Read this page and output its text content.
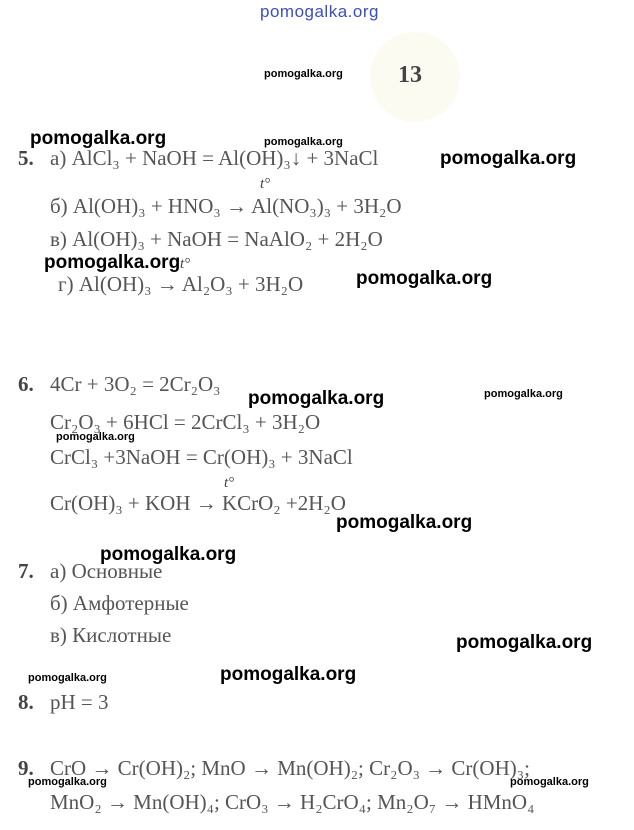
pomogalka.org
13
5. а) AlCl₃ + NaOH = Al(OH)₃↓ + 3NaCl
t°
б) Al(OH)₃ + HNO₃ → Al(NO₃)₃ + 3H₂O
в) Al(OH)₃ + NaOH = NaAlO₂ + 2H₂O
t°
г) Al(OH)₃ → Al₂O₃ + 3H₂O
6. 4Cr + 3O₂ = 2Cr₂O₃
Cr₂O₃ + 6HCl = 2CrCl₃ + 3H₂O
CrCl₃ +3NaOH = Cr(OH)₃ + 3NaCl
t°
Cr(OH)₃ + KOH → KCrO₂ +2H₂O
7. а) Основные
б) Амфотерные
в) Кислотные
8. pH = 3
9. CrO → Cr(OH)₂; MnO → Mn(OH)₂; Cr₂O₃ → Cr(OH)₃;
MnO₂ → Mn(OH)₄; CrO₃ → H₂CrO₄; Mn₂O₇ → HMnO₄
pomogalka.org
pomogalka.org	pomogalka.org
pomogalka.org
pomogalka.org
pomogalka.org
pomogalka.org	pomogalka.org
pomogalka.org
pomogalka.org
pomogalka.org
pomogalka.org
pomogalka.org	pomogalka.org
pomogalka.org	pomogalka.org
